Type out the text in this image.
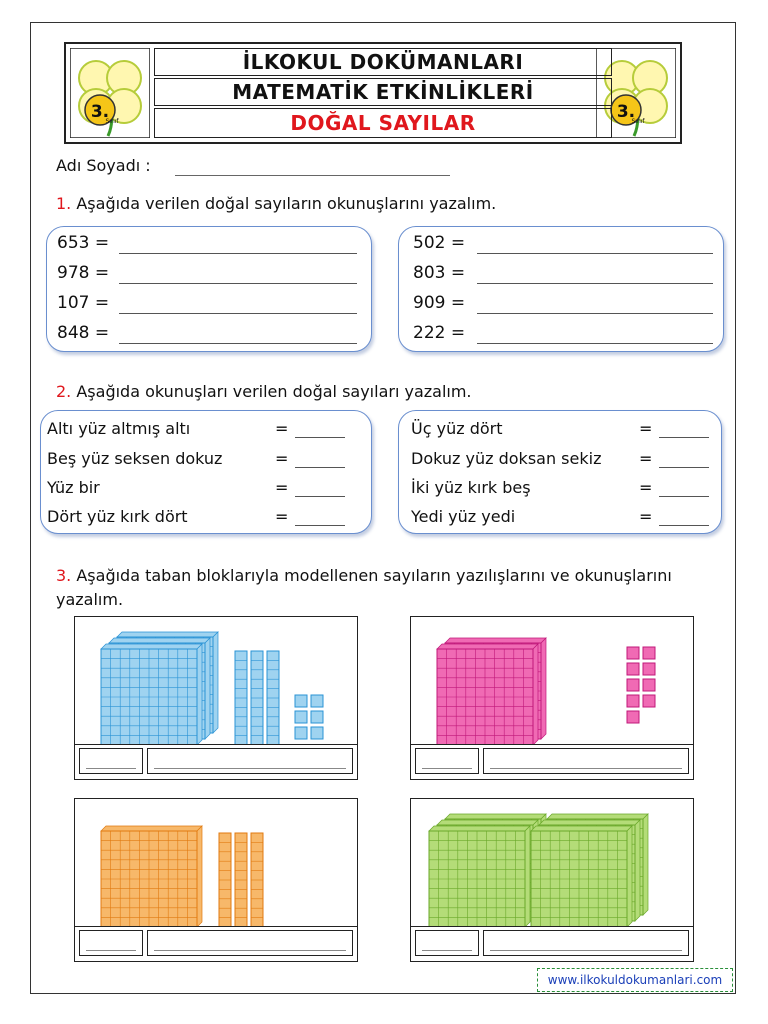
3.
Sınıf	3.
Sınıf
İLKOKUL DOKÜMANLARI
MATEMATİK ETKİNLİKLERİ
DOĞAL SAYILAR
Adı Soyadı :
1. Aşağıda verilen doğal sayıların okunuşlarını yazalım.
653 =
978 =
107 =
848 =
502 =
803 =
909 =
222 =
2. Aşağıda okunuşları verilen doğal sayıları yazalım.
Altı yüz altmış altı	=
Beş yüz seksen dokuz	=
Yüz bir	=
Dört yüz kırk dört	=
Üç yüz dört	=
Dokuz yüz doksan sekiz =
İki yüz kırk beş	=
Yedi yüz yedi	=
3. Aşağıda taban bloklarıyla modellenen sayıların yazılışlarını ve okunuşlarını
yazalım.
www.ilkokuldokumanlari.com
